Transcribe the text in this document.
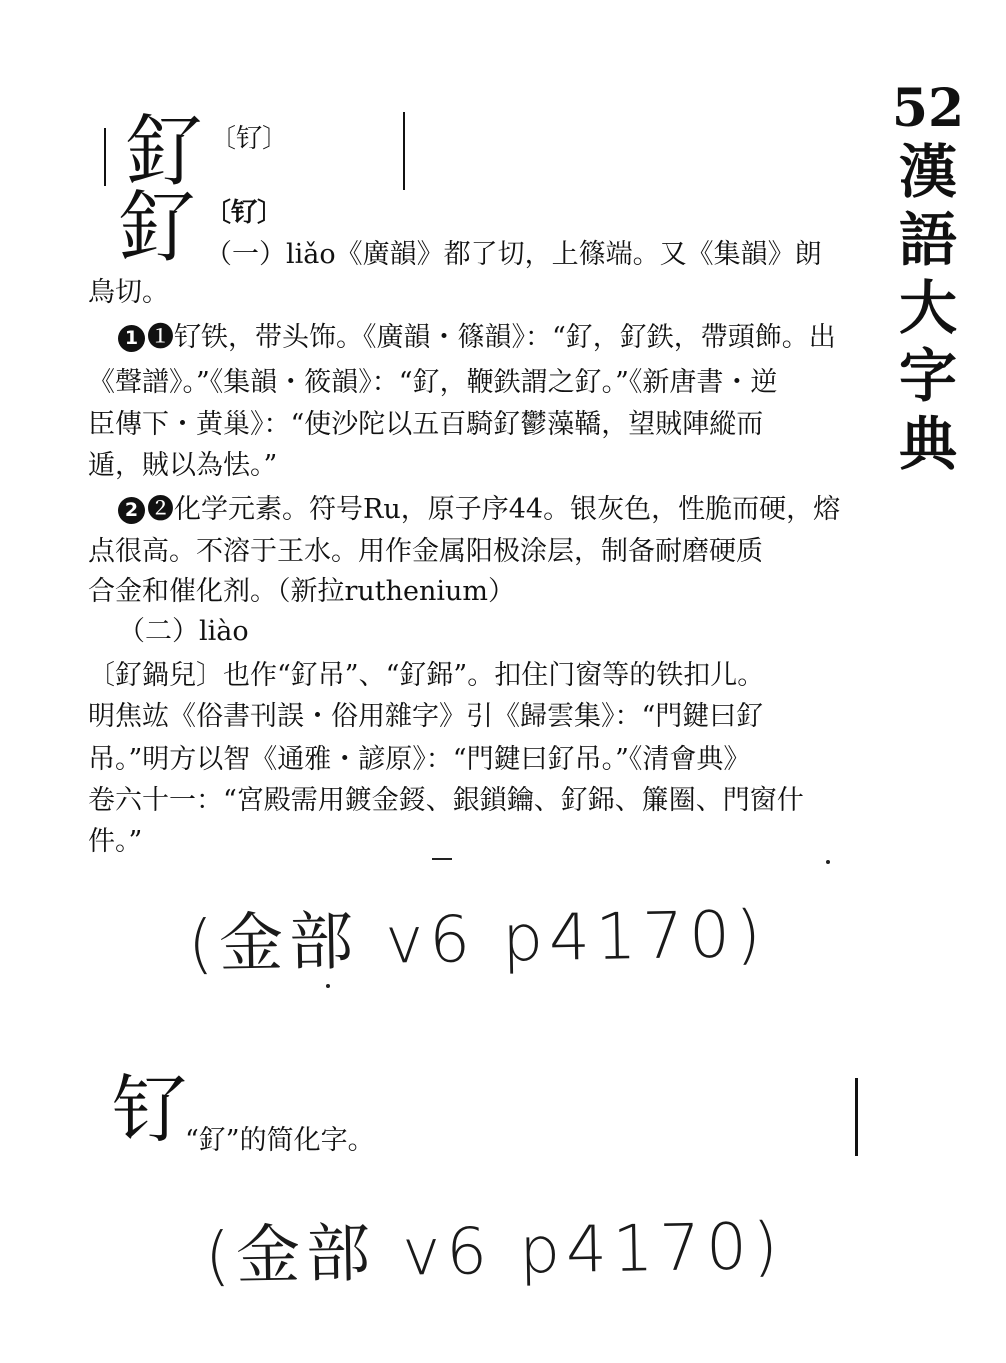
52
漢
語
大
字
典
釕 〔钌〕
釕 〔钌〕
（一）liǎo《廣韻》都了切，上篠端。又《集韻》朗
鳥切。
1 ❶钌铁，带头饰。《廣韻・篠韻》：“釕，釕鉄，帶頭飾。出
《聲譜》。”《集韻・筱韻》：“釕，鞭鉄謂之釕。”《新唐書・逆
臣傳下・黄巢》：“使沙陀以五百騎釕鬱藻鞽，望賊陣縱而
遁，賊以為怯。”
2 ❷化学元素。符号Ru，原子序44。银灰色，性脆而硬，熔
点很高。不溶于王水。用作金属阳极涂层，制备耐磨硬质
合金和催化剂。（新拉ruthenium）
（二）liào
〔釕鍋兒〕也作“釕吊”、“釕銱”。扣住门窗等的铁扣儿。
明焦竑《俗書刊誤・俗用雜字》引《歸雲集》：“門鍵曰釕
吊。”明方以智《通雅・諺原》：“門鍵曰釕吊。”《清會典》
卷六十一：“宮殿需用鍍金鋄、銀鎖鑰、釕銱、簾圈、門窗什
件。”
(金部 v6 p4170)
钌 “釕”的简化字。
(金部 v6 p4170)
